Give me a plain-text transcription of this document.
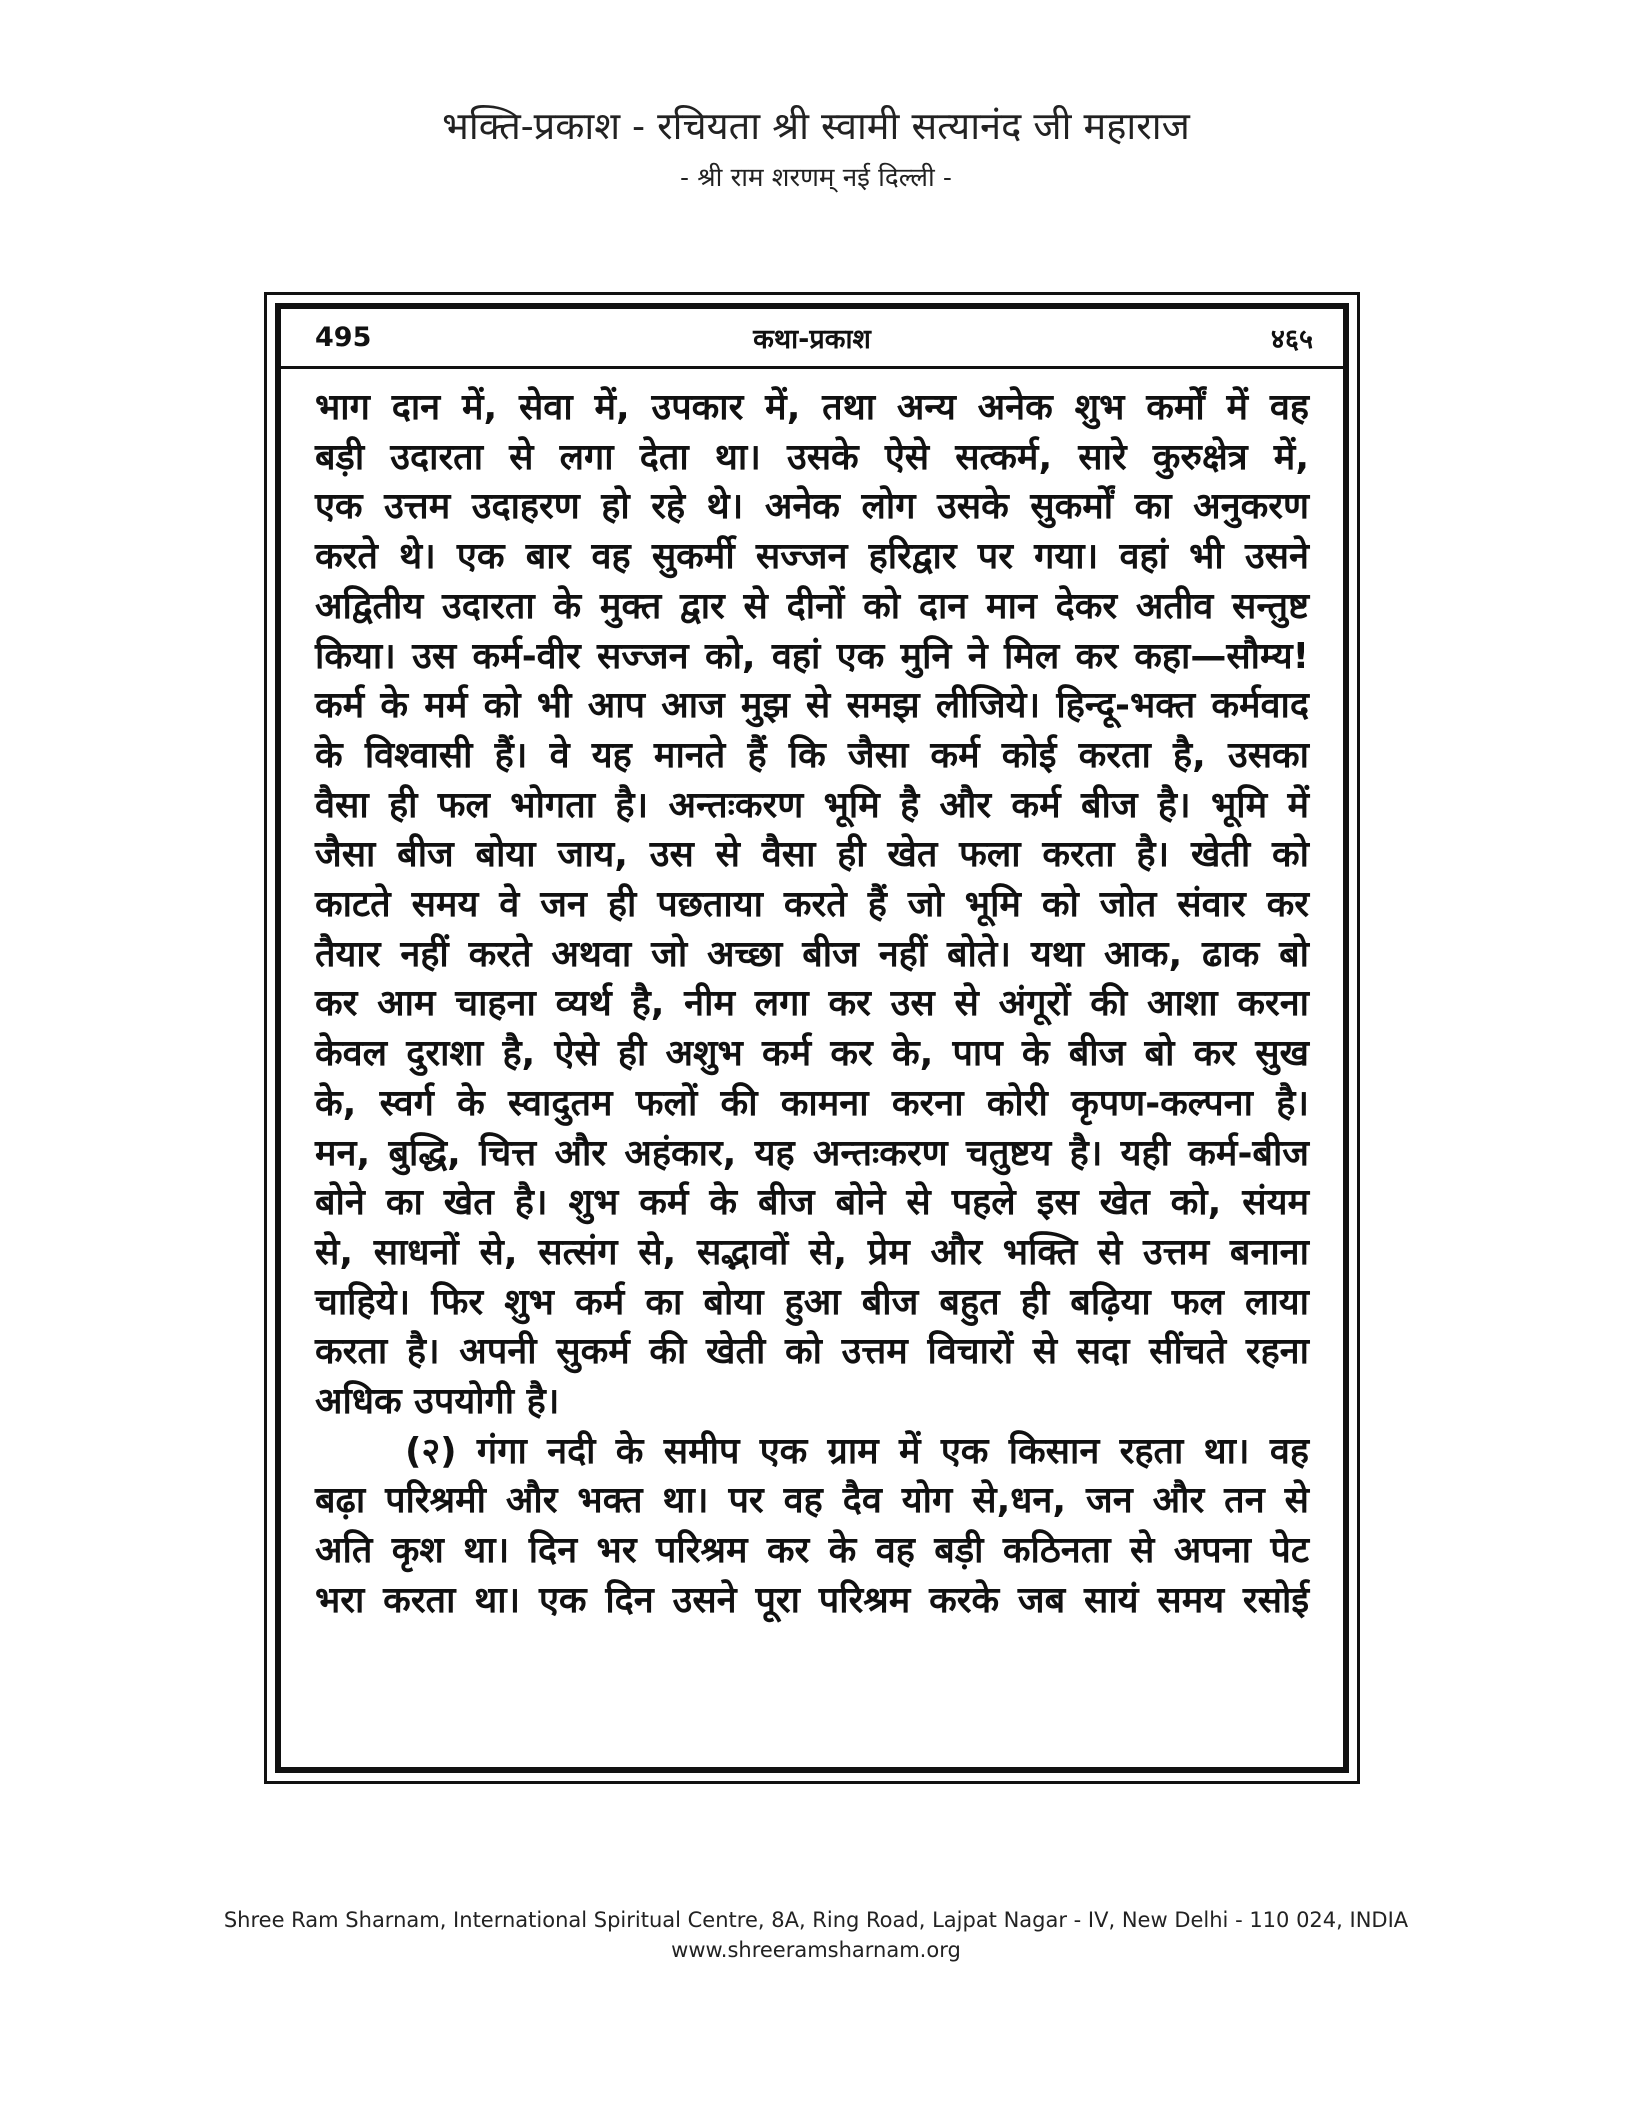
भक्ति-प्रकाश - रचियता श्री स्वामी सत्यानंद जी महाराज
- श्री राम शरणम् नई दिल्ली -
495	कथा-प्रकाश	४६५
भाग दान में, सेवा में, उपकार में, तथा अन्य अनेक शुभ कर्मों में वह
बड़ी उदारता से लगा देता था। उसके ऐसे सत्कर्म, सारे कुरुक्षेत्र में,
एक उत्तम उदाहरण हो रहे थे। अनेक लोग उसके सुकर्मों का अनुकरण
करते थे। एक बार वह सुकर्मी सज्जन हरिद्वार पर गया। वहां भी उसने
अद्वितीय उदारता के मुक्त द्वार से दीनों को दान मान देकर अतीव सन्तुष्ट
किया। उस कर्म-वीर सज्जन को, वहां एक मुनि ने मिल कर कहा—सौम्य!
कर्म के मर्म को भी आप आज मुझ से समझ लीजिये। हिन्दू-भक्त कर्मवाद
के विश्वासी हैं। वे यह मानते हैं कि जैसा कर्म कोई करता है, उसका
वैसा ही फल भोगता है। अन्तःकरण भूमि है और कर्म बीज है। भूमि में
जैसा बीज बोया जाय, उस से वैसा ही खेत फला करता है। खेती को
काटते समय वे जन ही पछताया करते हैं जो भूमि को जोत संवार कर
तैयार नहीं करते अथवा जो अच्छा बीज नहीं बोते। यथा आक, ढाक बो
कर आम चाहना व्यर्थ है, नीम लगा कर उस से अंगूरों की आशा करना
केवल दुराशा है, ऐसे ही अशुभ कर्म कर के, पाप के बीज बो कर सुख
के, स्वर्ग के स्वादुतम फलों की कामना करना कोरी कृपण-कल्पना है।
मन, बुद्धि, चित्त और अहंकार, यह अन्तःकरण चतुष्टय है। यही कर्म-बीज
बोने का खेत है। शुभ कर्म के बीज बोने से पहले इस खेत को, संयम
से, साधनों से, सत्संग से, सद्भावों से, प्रेम और भक्ति से उत्तम बनाना
चाहिये। फिर शुभ कर्म का बोया हुआ बीज बहुत ही बढ़िया फल लाया
करता है। अपनी सुकर्म की खेती को उत्तम विचारों से सदा सींचते रहना
अधिक उपयोगी है।
(२) गंगा नदी के समीप एक ग्राम में एक किसान रहता था। वह
बढ़ा परिश्रमी और भक्त था। पर वह दैव योग से,धन, जन और तन से
अति कृश था। दिन भर परिश्रम कर के वह बड़ी कठिनता से अपना पेट
भरा करता था। एक दिन उसने पूरा परिश्रम करके जब सायं समय रसोई
Shree Ram Sharnam, International Spiritual Centre, 8A, Ring Road, Lajpat Nagar - IV, New Delhi - 110 024, INDIA
www.shreeramsharnam.org
